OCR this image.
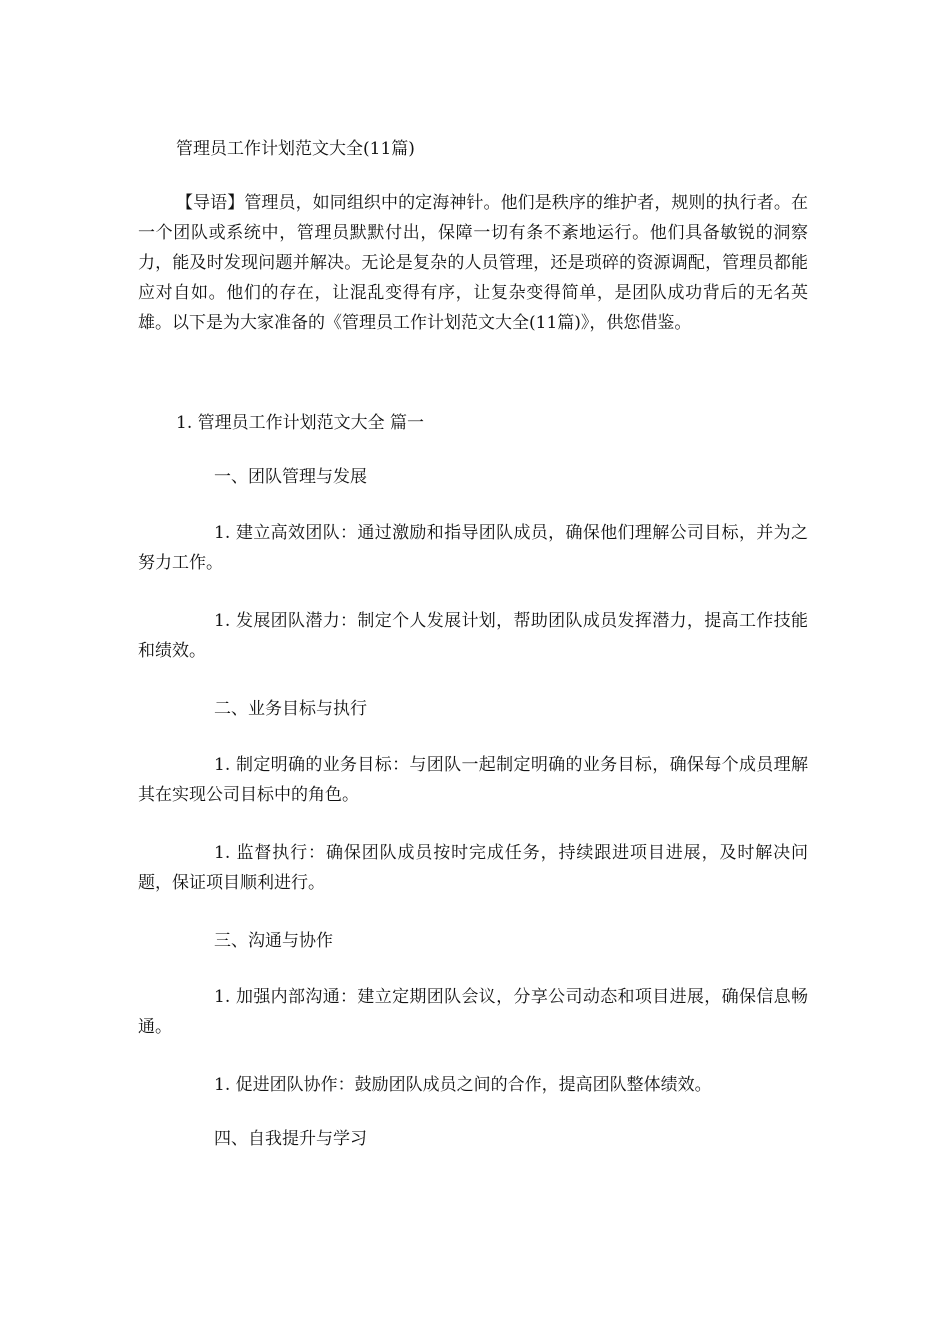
管理员工作计划范文大全(11篇)
【导语】管理员，如同组织中的定海神针。他们是秩序的维护者，规则的执行者。在一个团队或系统中，管理员默默付出，保障一切有条不紊地运行。他们具备敏锐的洞察力，能及时发现问题并解决。无论是复杂的人员管理，还是琐碎的资源调配，管理员都能应对自如。他们的存在，让混乱变得有序，让复杂变得简单，是团队成功背后的无名英雄。以下是为大家准备的《管理员工作计划范文大全(11篇)》，供您借鉴。
1. 管理员工作计划范文大全 篇一
一、团队管理与发展
1. 建立高效团队：通过激励和指导团队成员，确保他们理解公司目标，并为之努力工作。
1. 发展团队潜力：制定个人发展计划，帮助团队成员发挥潜力，提高工作技能和绩效。
二、业务目标与执行
1. 制定明确的业务目标：与团队一起制定明确的业务目标，确保每个成员理解其在实现公司目标中的角色。
1. 监督执行：确保团队成员按时完成任务，持续跟进项目进展，及时解决问题，保证项目顺利进行。
三、沟通与协作
1. 加强内部沟通：建立定期团队会议，分享公司动态和项目进展，确保信息畅通。
1. 促进团队协作：鼓励团队成员之间的合作，提高团队整体绩效。
四、自我提升与学习
